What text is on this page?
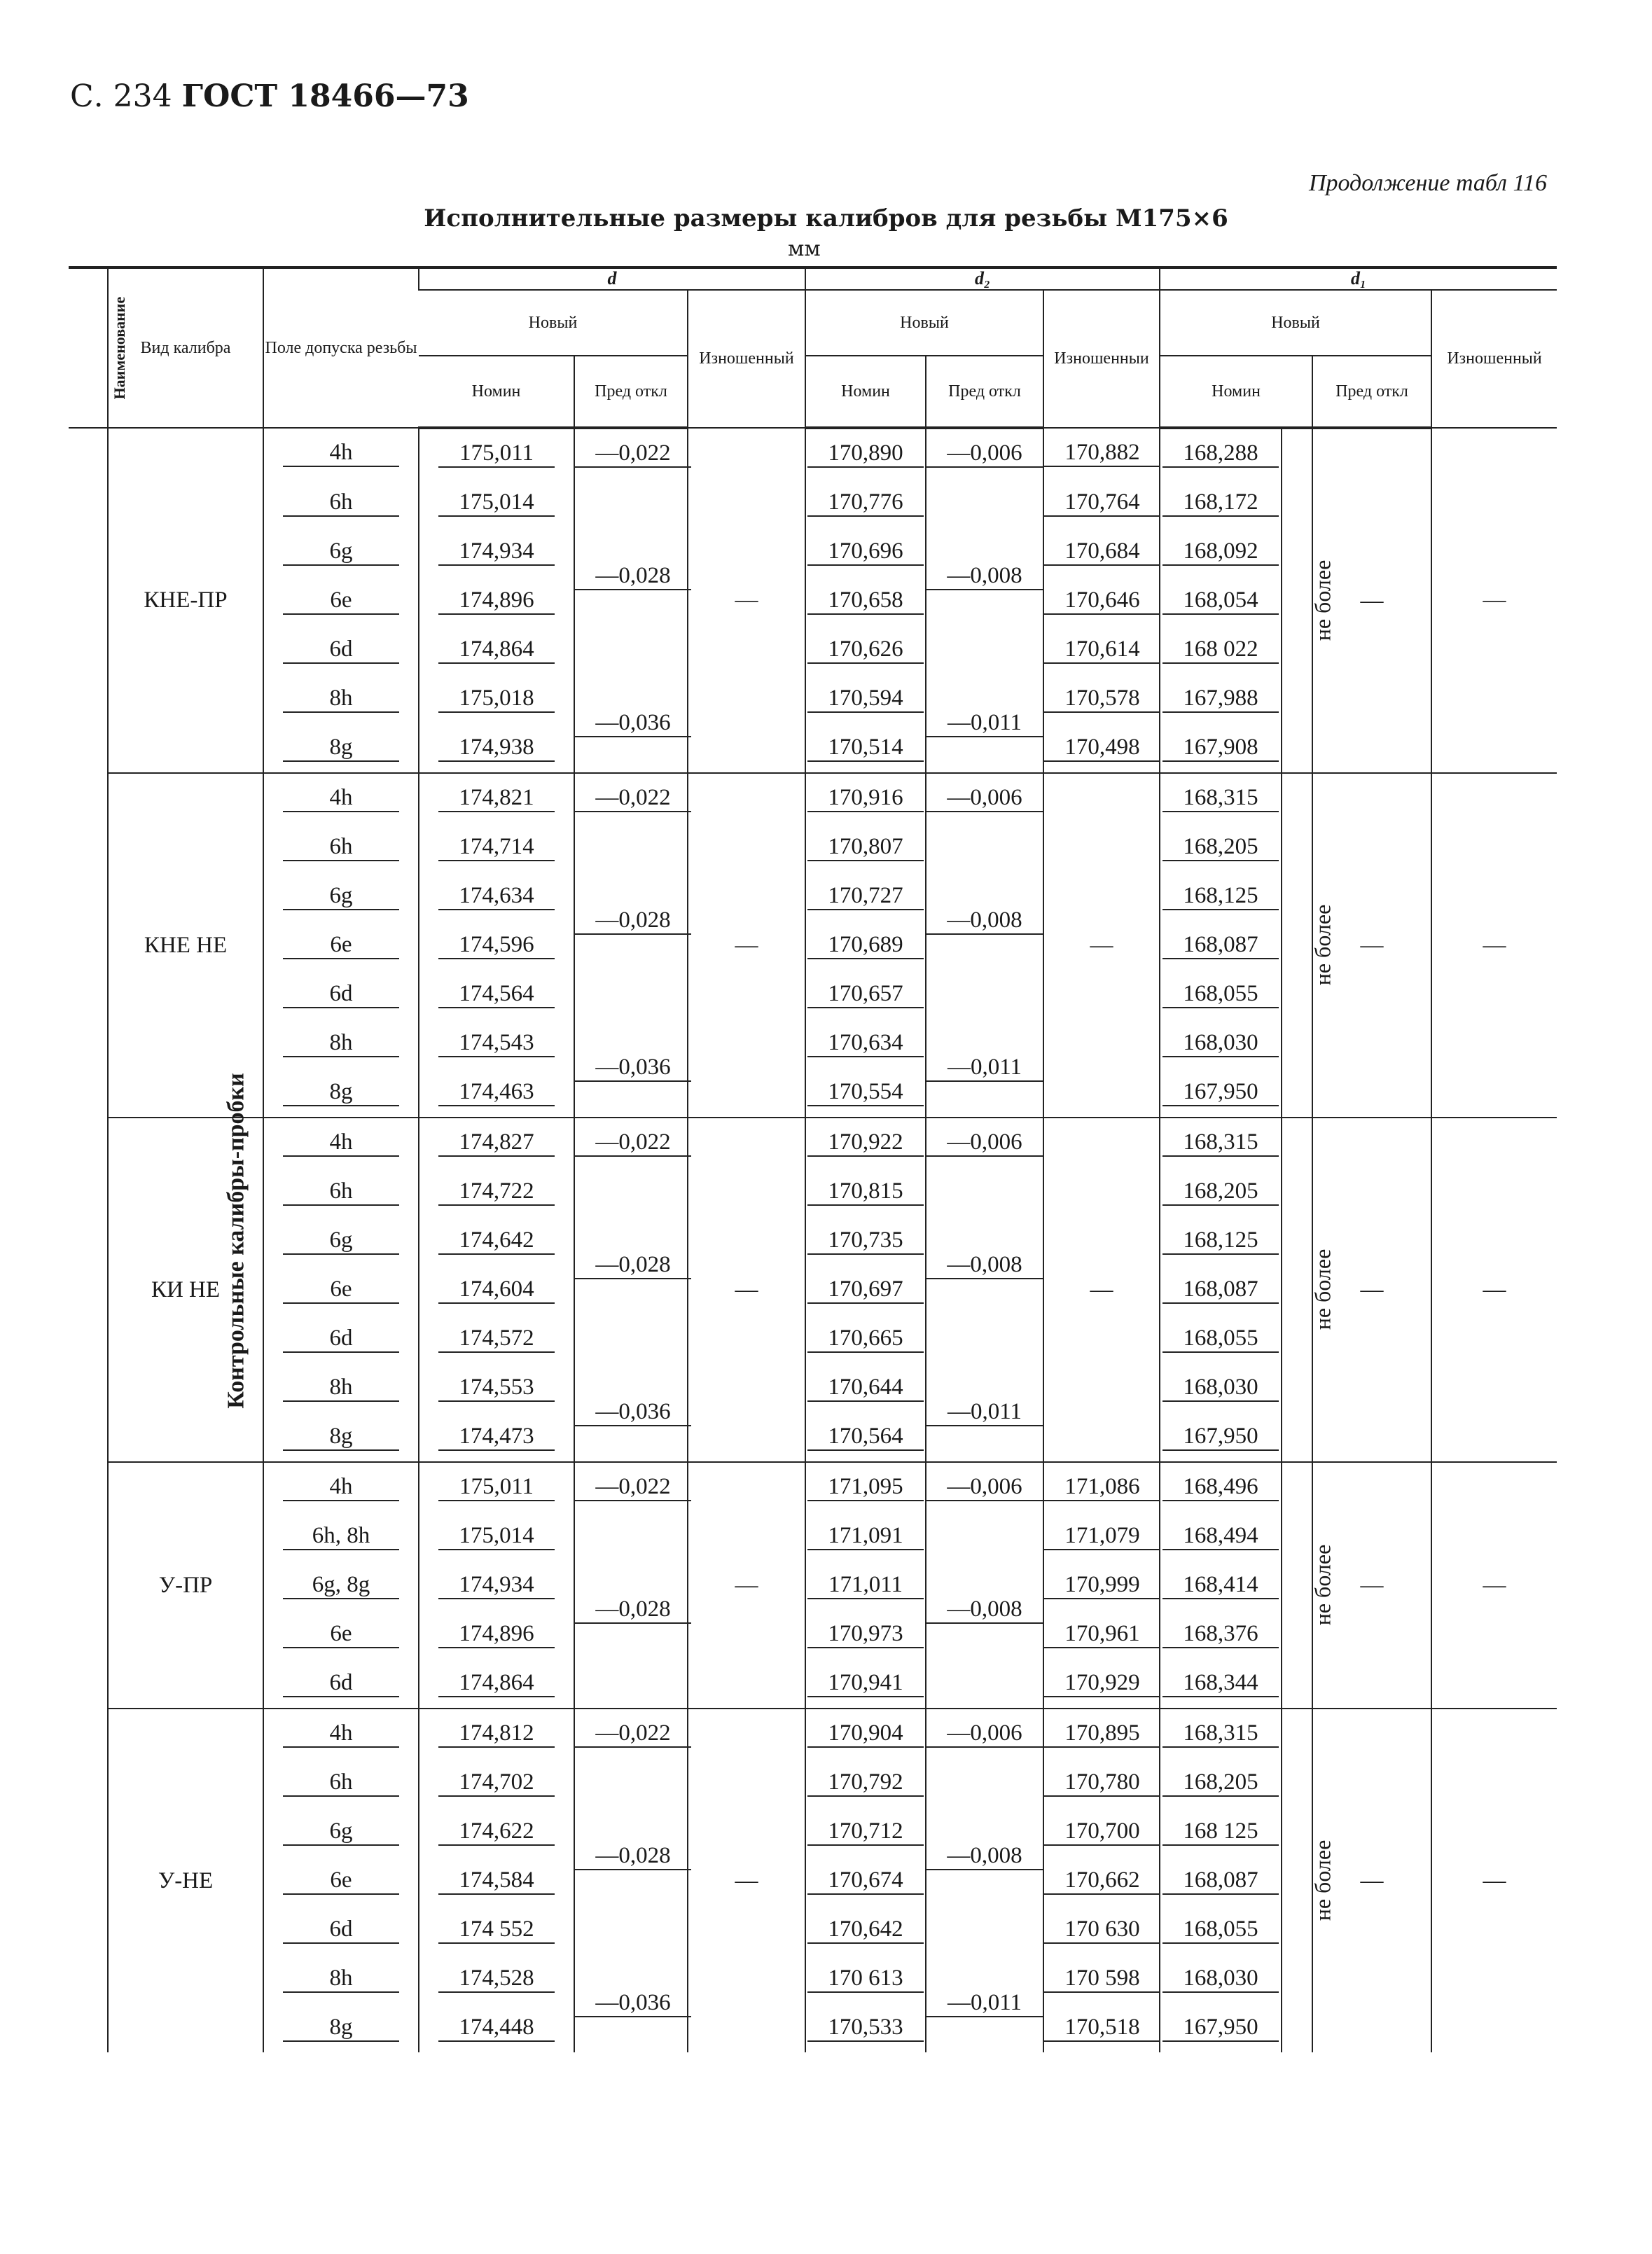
С. 234 ГОСТ 18466—73
Продолжение табл 116
Исполнительные размеры калибров для резьбы М175×6
мм
Наименование	Вид калибра	Поле допуска резьбы	d			d₂			d₁			
			Новый		Изношенный	Новый		Изношенныи	Новый			Изношенный
			Номин	Пред откл		Номин	Пред откл		Номин		Пред откл	
Контрольные калибры-пробки	КНЕ-ПР	4h	175,011	—0,022	—	170,890	—0,006	170,882	168,288	не более	—	—
		6h	175,014	—0,028		170,776	—0,008	170,764	168,172			
		6g	174,934			170,696		170,684	168,092			
		6e	174,896			170,658		170,646	168,054			
		6d	174,864			170,626		170,614	168 022			
		8h	175,018	—0,036		170,594	—0,011	170,578	167,988			
		8g	174,938			170,514		170,498	167,908			
	КНЕ НЕ	4h	174,821	—0,022	—	170,916	—0,006	—	168,315	не более	—	—
		6h	174,714	—0,028		170,807	—0,008		168,205			
		6g	174,634			170,727			168,125			
		6e	174,596			170,689			168,087			
		6d	174,564			170,657			168,055			
		8h	174,543	—0,036		170,634	—0,011		168,030			
		8g	174,463			170,554			167,950			
	КИ НЕ	4h	174,827	—0,022	—	170,922	—0,006	—	168,315	не более	—	—
		6h	174,722	—0,028		170,815	—0,008		168,205			
		6g	174,642			170,735			168,125			
		6e	174,604			170,697			168,087			
		6d	174,572			170,665			168,055			
		8h	174,553	—0,036		170,644	—0,011		168,030			
		8g	174,473			170,564			167,950			
	У-ПР	4h	175,011	—0,022	—	171,095	—0,006	171,086	168,496	не более	—	—
		6h, 8h	175,014	—0,028		171,091	—0,008	171,079	168,494			
		6g, 8g	174,934			171,011		170,999	168,414			
		6e	174,896			170,973		170,961	168,376			
		6d	174,864			170,941		170,929	168,344			
	У-НЕ	4h	174,812	—0,022	—	170,904	—0,006	170,895	168,315	не более	—	—
		6h	174,702	—0,028		170,792	—0,008	170,780	168,205			
		6g	174,622			170,712		170,700	168 125			
		6e	174,584			170,674		170,662	168,087			
		6d	174 552			170,642		170 630	168,055			
		8h	174,528	—0,036		170 613	—0,011	170 598	168,030			
		8g	174,448			170,533		170,518	167,950			
